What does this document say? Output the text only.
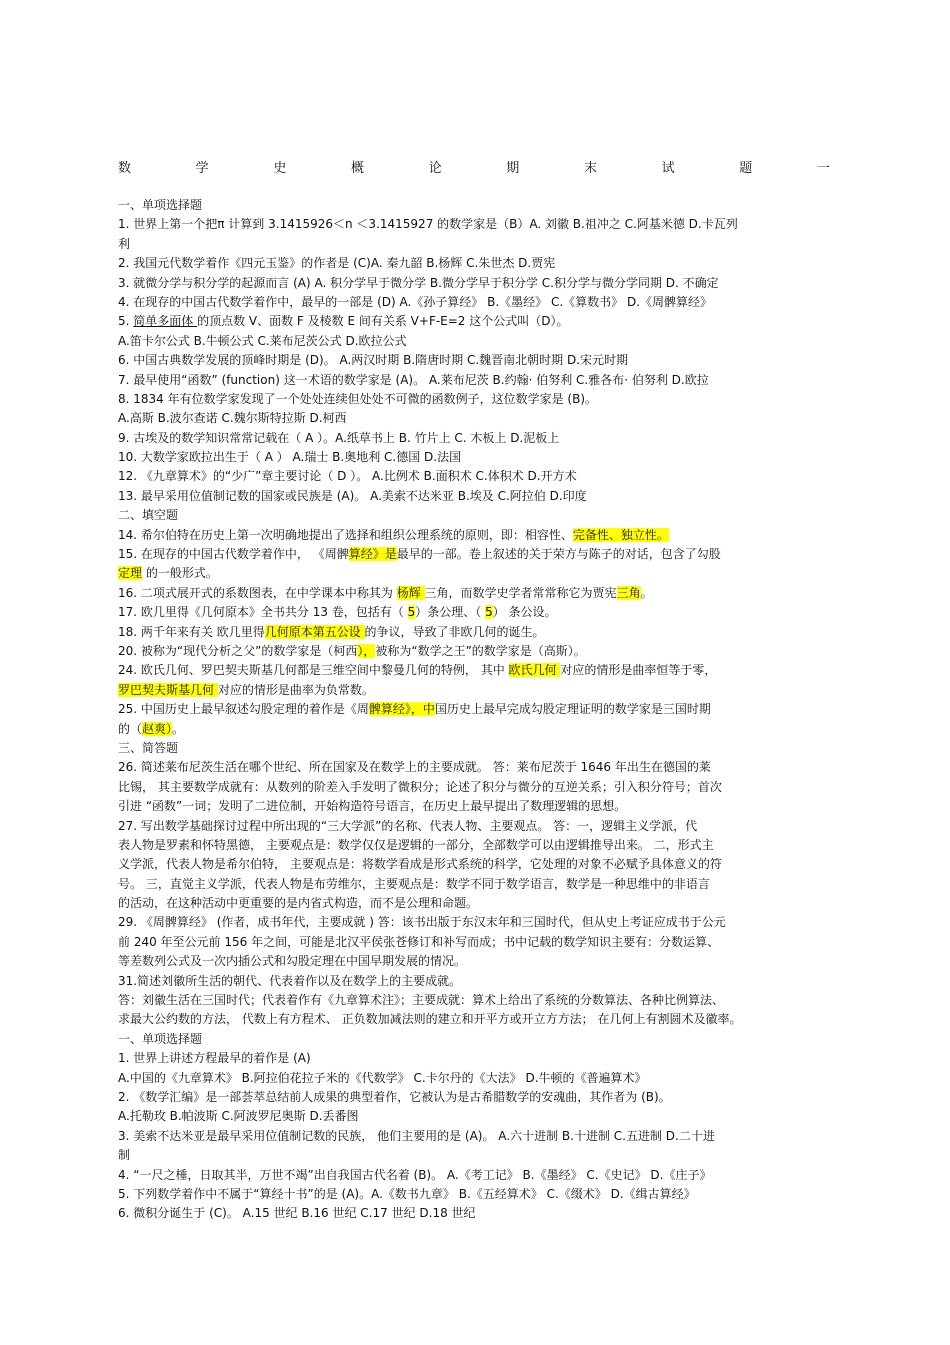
数	学	史	概	论	期	末	试	题	一
一、单项选择题
1. 世界上第一个把π 计算到 3.1415926＜n ＜3.1415927 的数学家是（B）A. 刘徽 B.祖冲之 C.阿基米德 D.卡瓦列
利
2. 我国元代数学着作《四元玉鉴》的作者是 (C)A. 秦九韶 B.杨辉 C.朱世杰 D.贾宪
3. 就微分学与积分学的起源而言 (A) A. 积分学早于微分学 B.微分学早于积分学 C.积分学与微分学同期 D. 不确定
4. 在现存的中国古代数学着作中，最早的一部是 (D) A.《孙子算经》 B.《墨经》 C.《算数书》 D.《周髀算经》
5. 简单多面体 的顶点数 V、面数 F 及棱数 E 间有关系 V+F-E=2 这个公式叫（D）。
A.笛卡尔公式 B.牛顿公式 C.莱布尼茨公式 D.欧拉公式
6. 中国古典数学发展的顶峰时期是 (D)。 A.两汉时期 B.隋唐时期 C.魏晋南北朝时期 D.宋元时期
7. 最早使用“函数” (function) 这一术语的数学家是 (A)。 A.莱布尼茨 B.约翰· 伯努利 C.雅各布· 伯努利 D.欧拉
8. 1834 年有位数学家发现了一个处处连续但处处不可微的函数例子，这位数学家是 (B)。
A.高斯 B.波尔查诺 C.魏尔斯特拉斯 D.柯西
9. 古埃及的数学知识常常记载在（ A ）。A.纸草书上 B. 竹片上 C. 木板上 D.泥板上
10. 大数学家欧拉出生于（ A ） A.瑞士 B.奥地利 C.德国 D.法国
12. 《九章算术》的“少广”章主要讨论（ D ）。 A.比例术 B.面积术 C.体积术 D.开方术
13. 最早采用位值制记数的国家或民族是 (A)。 A.美索不达米亚 B.埃及 C.阿拉伯 D.印度
二、填空题
14. 希尔伯特在历史上第一次明确地提出了选择和组织公理系统的原则，即：相容性、完备性、独立性。
15. 在现存的中国古代数学着作中， 《周髀算经》是最早的一部。卷上叙述的关于荣方与陈子的对话，包含了勾股
定理 的一般形式。
16. 二项式展开式的系数图表，在中学课本中称其为 杨辉 三角，而数学史学者常常称它为贾宪三角。
17. 欧几里得《几何原本》全书共分 13 卷，包括有（ 5）条公理、（ 5） 条公设。
18. 两千年来有关 欧几里得几何原本第五公设 的争议，导致了非欧几何的诞生。
20. 被称为“现代分析之父”的数学家是（柯西），被称为“数学之王”的数学家是（高斯）。
24. 欧氏几何、罗巴契夫斯基几何都是三维空间中黎曼几何的特例， 其中 欧氏几何 对应的情形是曲率恒等于零，
罗巴契夫斯基几何 对应的情形是曲率为负常数。
25. 中国历史上最早叙述勾股定理的着作是《周髀算经》，中国历史上最早完成勾股定理证明的数学家是三国时期
的（赵爽）。
三、简答题
26. 简述莱布尼茨生活在哪个世纪、所在国家及在数学上的主要成就。 答：莱布尼茨于 1646 年出生在德国的莱
比锡， 其主要数学成就有：从数列的阶差入手发明了微积分；论述了积分与微分的互逆关系；引入积分符号；首次
引进 “函数”一词；发明了二进位制，开始构造符号语言，在历史上最早提出了数理逻辑的思想。
27. 写出数学基础探讨过程中所出现的“三大学派”的名称、代表人物、主要观点。 答：一，逻辑主义学派，代
表人物是罗素和怀特黑德， 主要观点是：数学仅仅是逻辑的一部分，全部数学可以由逻辑推导出来。 二，形式主
义学派，代表人物是希尔伯特， 主要观点是：将数学看成是形式系统的科学，它处理的对象不必赋予具体意义的符
号。 三，直觉主义学派，代表人物是布劳维尔，主要观点是：数学不同于数学语言，数学是一种思维中的非语言
的活动，在这种活动中更重要的是内省式构造，而不是公理和命题。
29. 《周髀算经》 (作者，成书年代，主要成就 ) 答：该书出版于东汉末年和三国时代，但从史上考证应成书于公元
前 240 年至公元前 156 年之间，可能是北汉平侯张苍修订和补写而成；书中记载的数学知识主要有：分数运算、
等差数列公式及一次内插公式和勾股定理在中国早期发展的情况。
31.简述刘徽所生活的朝代、代表着作以及在数学上的主要成就。
答：刘徽生活在三国时代；代表着作有《九章算术注》；主要成就：算术上给出了系统的分数算法、各种比例算法、
求最大公约数的方法， 代数上有方程术、 正负数加减法则的建立和开平方或开立方方法； 在几何上有割圆术及徽率。
一、单项选择题
1. 世界上讲述方程最早的着作是 (A)
A.中国的《九章算术》 B.阿拉伯花拉子米的《代数学》 C.卡尔丹的《大法》 D.牛顿的《普遍算术》
2. 《数学汇编》是一部荟萃总结前人成果的典型着作，它被认为是古希腊数学的安魂曲，其作者为 (B)。
A.托勒玫 B.帕波斯 C.阿波罗尼奥斯 D.丢番图
3. 美索不达米亚是最早采用位值制记数的民族， 他们主要用的是 (A)。 A.六十进制 B.十进制 C.五进制 D.二十进
制
4. “一尺之棰，日取其半，万世不竭”出自我国古代名着 (B)。 A.《考工记》 B.《墨经》 C.《史记》 D.《庄子》
5. 下列数学着作中不属于“算经十书”的是 (A)。A.《数书九章》 B.《五经算术》 C.《缀术》 D.《缉古算经》
6. 微积分诞生于 (C)。 A.15 世纪 B.16 世纪 C.17 世纪 D.18 世纪
